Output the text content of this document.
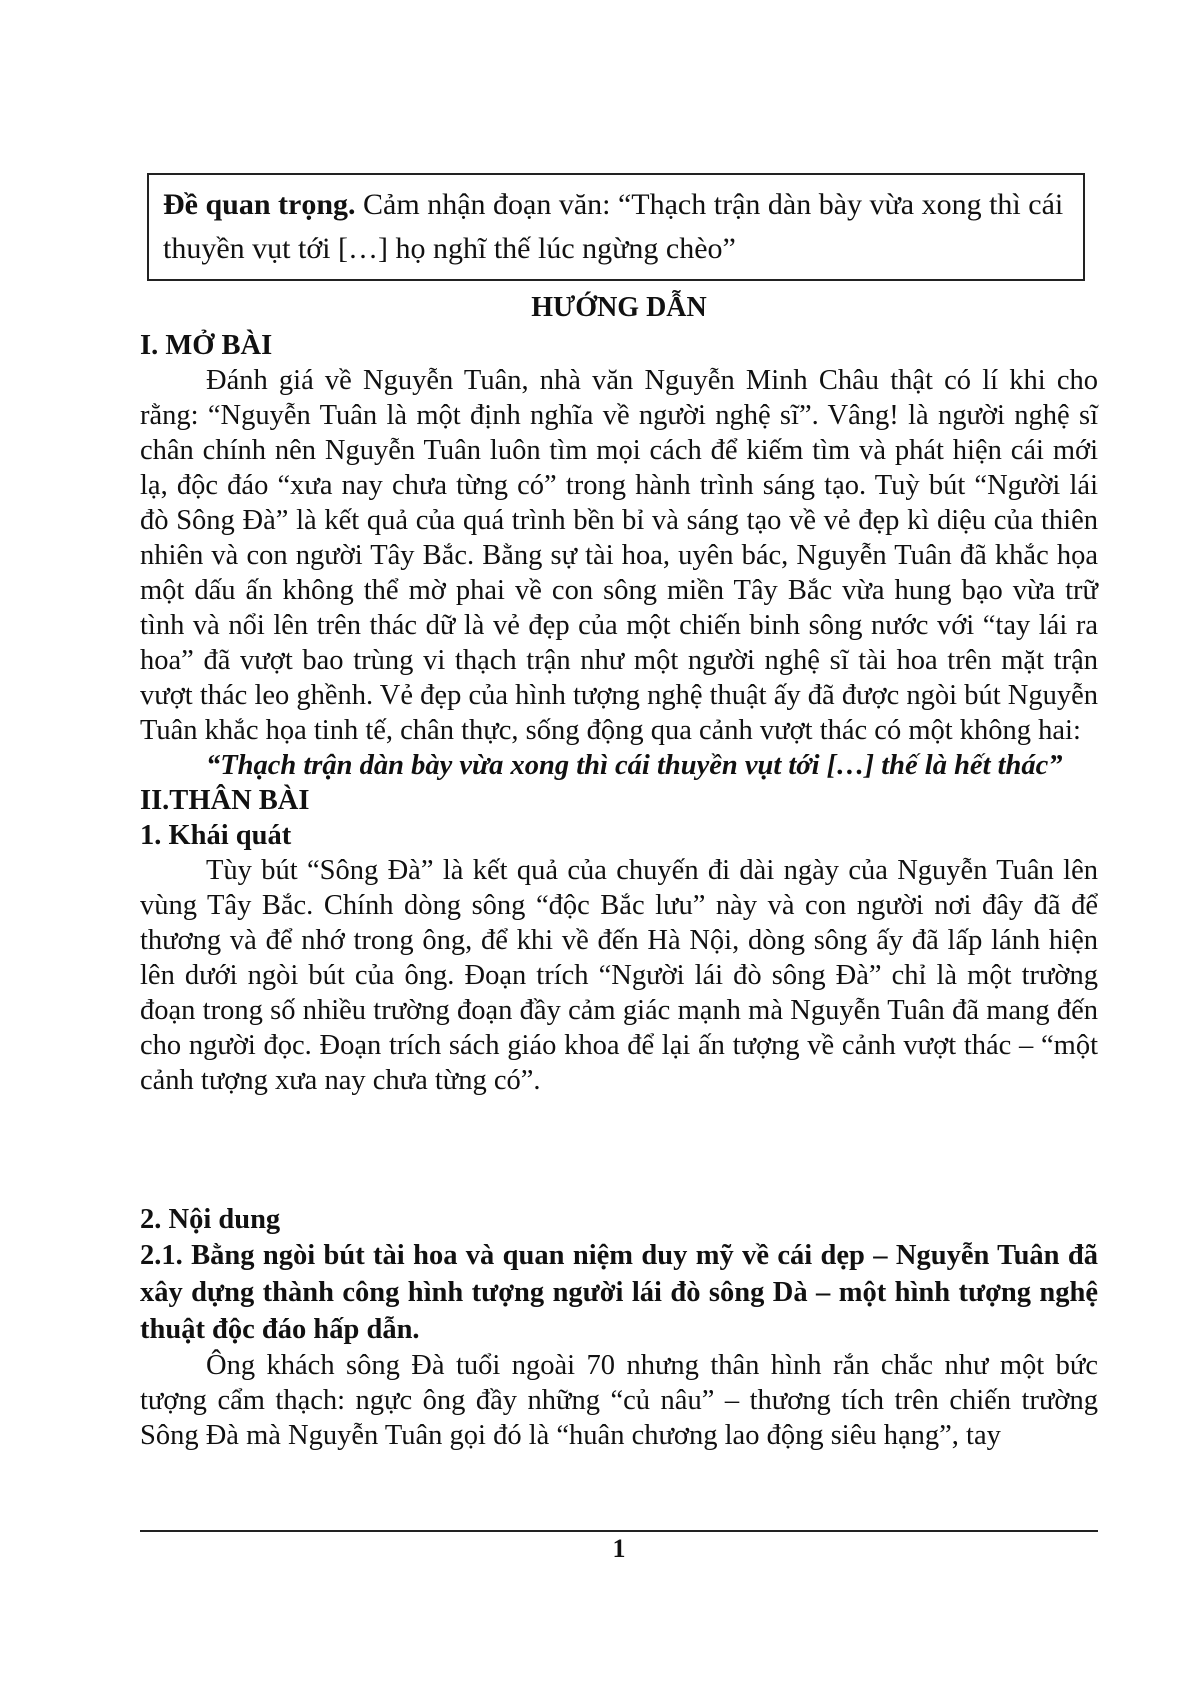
Đề quan trọng. Cảm nhận đoạn văn: “Thạch trận dàn bày vừa xong thì cái thuyền vụt tới […] họ nghĩ thế lúc ngừng chèo”
HƯỚNG DẪN
I. MỞ BÀI

Đánh giá về Nguyễn Tuân, nhà văn Nguyễn Minh Châu thật có lí khi cho rằng: “Nguyễn Tuân là một định nghĩa về người nghệ sĩ”. Vâng! là người nghệ sĩ chân chính nên Nguyễn Tuân luôn tìm mọi cách để kiếm tìm và phát hiện cái mới lạ, độc đáo “xưa nay chưa từng có” trong hành trình sáng tạo. Tuỳ bút “Người lái đò Sông Đà” là kết quả của quá trình bền bỉ và sáng tạo về vẻ đẹp kì diệu của thiên nhiên và con người Tây Bắc. Bằng sự tài hoa, uyên bác, Nguyễn Tuân đã khắc họa một dấu ấn không thể mờ phai về con sông miền Tây Bắc vừa hung bạo vừa trữ tình và nổi lên trên thác dữ là vẻ đẹp của một chiến binh sông nước với “tay lái ra hoa” đã vượt bao trùng vi thạch trận như một người nghệ sĩ tài hoa trên mặt trận vượt thác leo ghềnh. Vẻ đẹp của hình tượng nghệ thuật ấy đã được ngòi bút Nguyễn Tuân khắc họa tinh tế, chân thực, sống động qua cảnh vượt thác có một không hai:

“Thạch trận dàn bày vừa xong thì cái thuyền vụt tới […] thế là hết thác”

II.THÂN BÀI
1. Khái quát

Tùy bút “Sông Đà” là kết quả của chuyến đi dài ngày của Nguyễn Tuân lên vùng Tây Bắc. Chính dòng sông “độc Bắc lưu” này và con người nơi đây đã để thương và để nhớ trong ông, để khi về đến Hà Nội, dòng sông ấy đã lấp lánh hiện lên dưới ngòi bút của ông. Đoạn trích “Người lái đò sông Đà” chỉ là một trường đoạn trong số nhiều trường đoạn đầy cảm giác mạnh mà Nguyễn Tuân đã mang đến cho người đọc. Đoạn trích sách giáo khoa để lại ấn tượng về cảnh vượt thác – “một cảnh tượng xưa nay chưa từng có”.

2. Nội dung

2.1. Bằng ngòi bút tài hoa và quan niệm duy mỹ về cái dẹp – Nguyễn Tuân đã xây dựng thành công hình tượng người lái đò sông Dà – một hình tượng nghệ thuật độc đáo hấp dẫn.

Ông khách sông Đà tuổi ngoài 70 nhưng thân hình rắn chắc như một bức tượng cẩm thạch: ngực ông đầy những “củ nâu” – thương tích trên chiến trường Sông Đà mà Nguyễn Tuân gọi đó là “huân chương lao động siêu hạng”, tay

1
